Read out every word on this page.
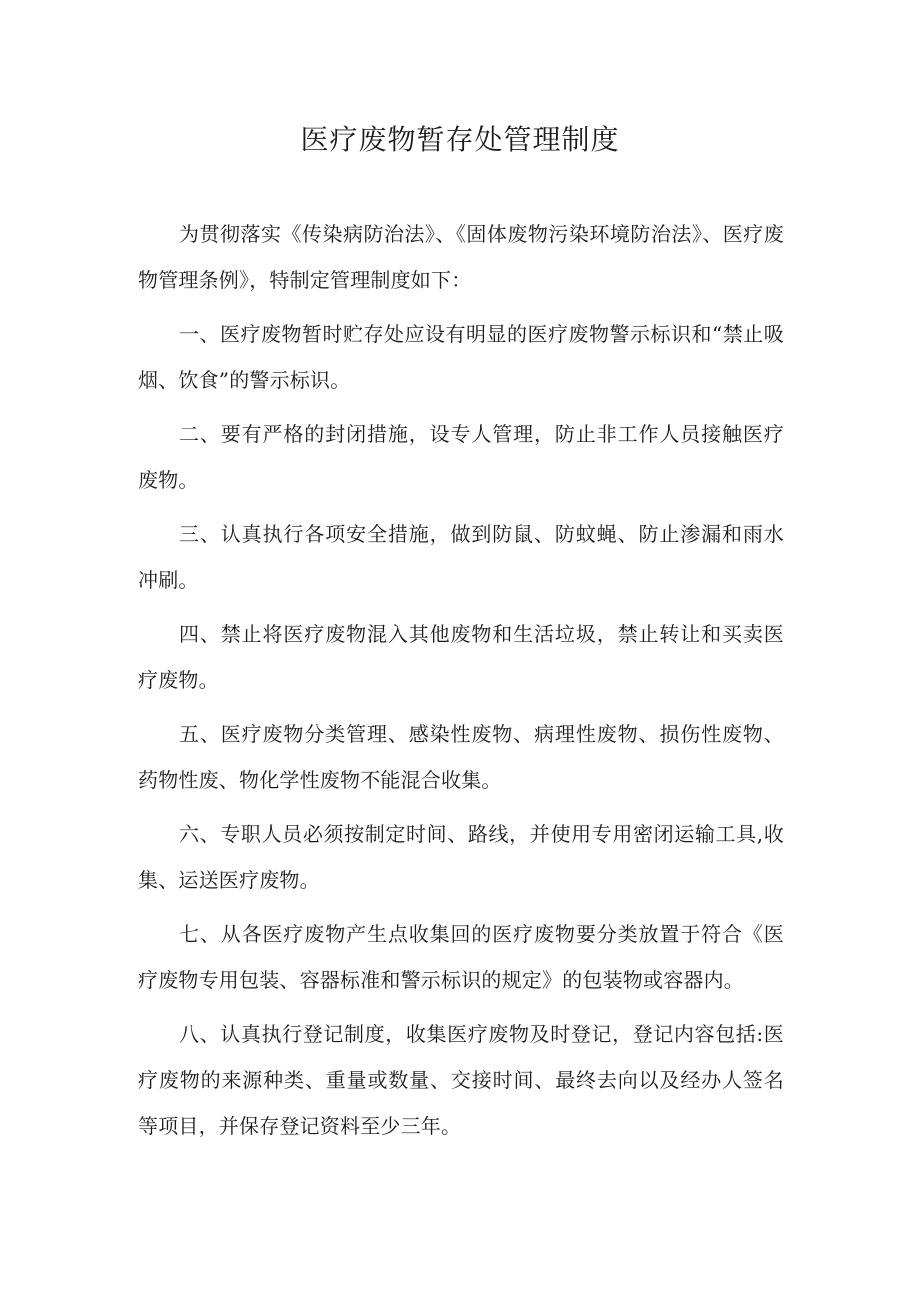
医疗废物暂存处管理制度

为贯彻落实《传染病防治法》、《固体废物污染环境防治法》、医疗废物管理条例》，特制定管理制度如下：

一、医疗废物暂时贮存处应设有明显的医疗废物警示标识和“禁止吸烟、饮食”的警示标识。

二、要有严格的封闭措施，设专人管理，防止非工作人员接触医疗废物。

三、认真执行各项安全措施，做到防鼠、防蚊蝇、防止渗漏和雨水冲刷。

四、禁止将医疗废物混入其他废物和生活垃圾，禁止转让和买卖医疗废物。

五、医疗废物分类管理、感染性废物、病理性废物、损伤性废物、药物性废、物化学性废物不能混合收集。

六、专职人员必须按制定时间、路线，并使用专用密闭运输工具,收集、运送医疗废物。

七、从各医疗废物产生点收集回的医疗废物要分类放置于符合《医疗废物专用包装、容器标准和警示标识的规定》的包装物或容器内。

八、认真执行登记制度，收集医疗废物及时登记，登记内容包括:医疗废物的来源种类、重量或数量、交接时间、最终去向以及经办人签名等项目，并保存登记资料至少三年。
